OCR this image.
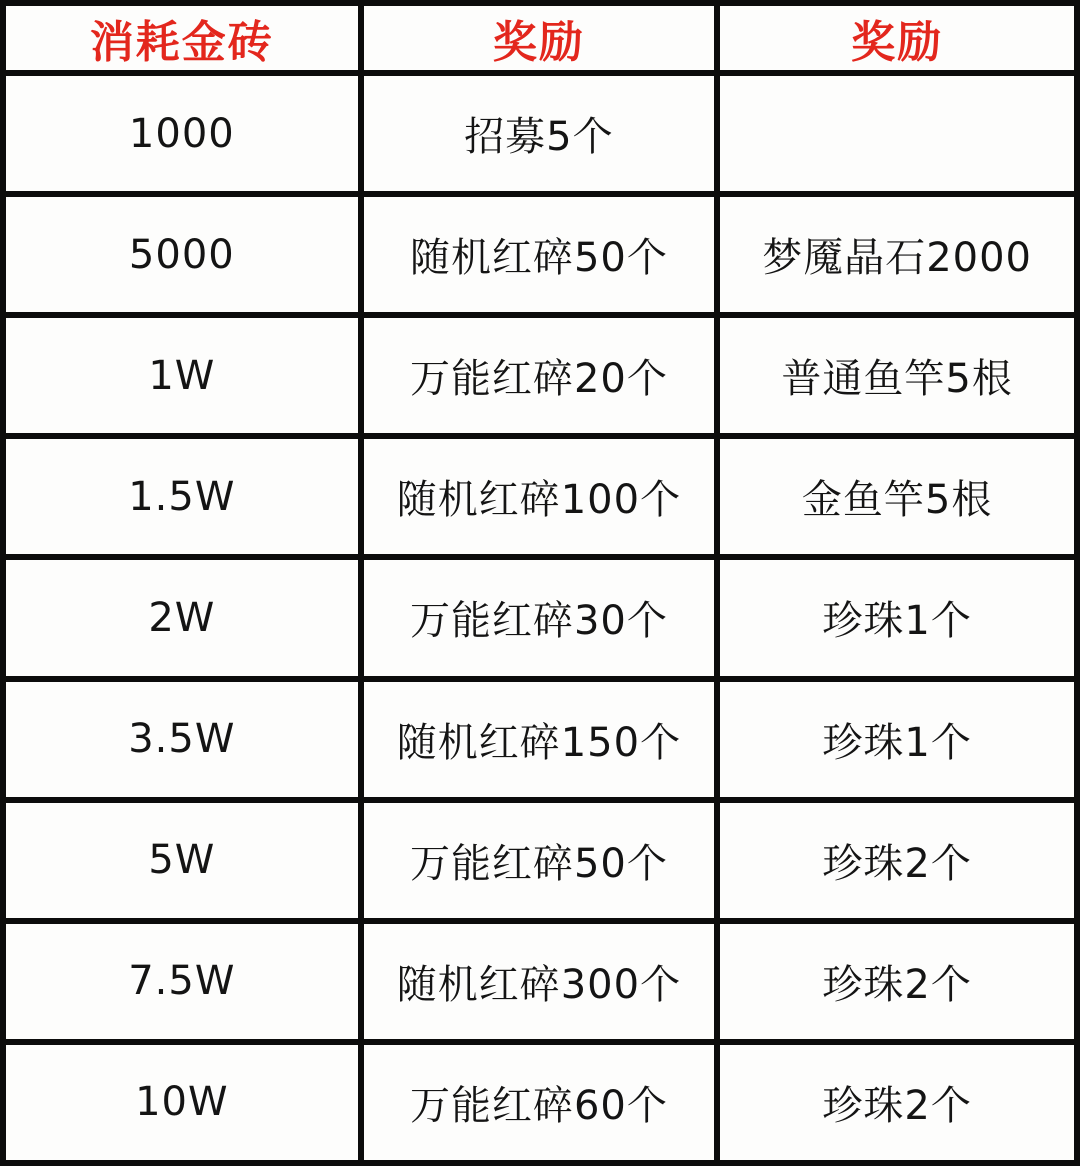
消耗金砖	奖励	奖励
1000	招募5个	
5000	随机红碎50个	梦魇晶石2000
1W	万能红碎20个	普通鱼竿5根
1.5W	随机红碎100个	金鱼竿5根
2W	万能红碎30个	珍珠1个
3.5W	随机红碎150个	珍珠1个
5W	万能红碎50个	珍珠2个
7.5W	随机红碎300个	珍珠2个
10W	万能红碎60个	珍珠2个
